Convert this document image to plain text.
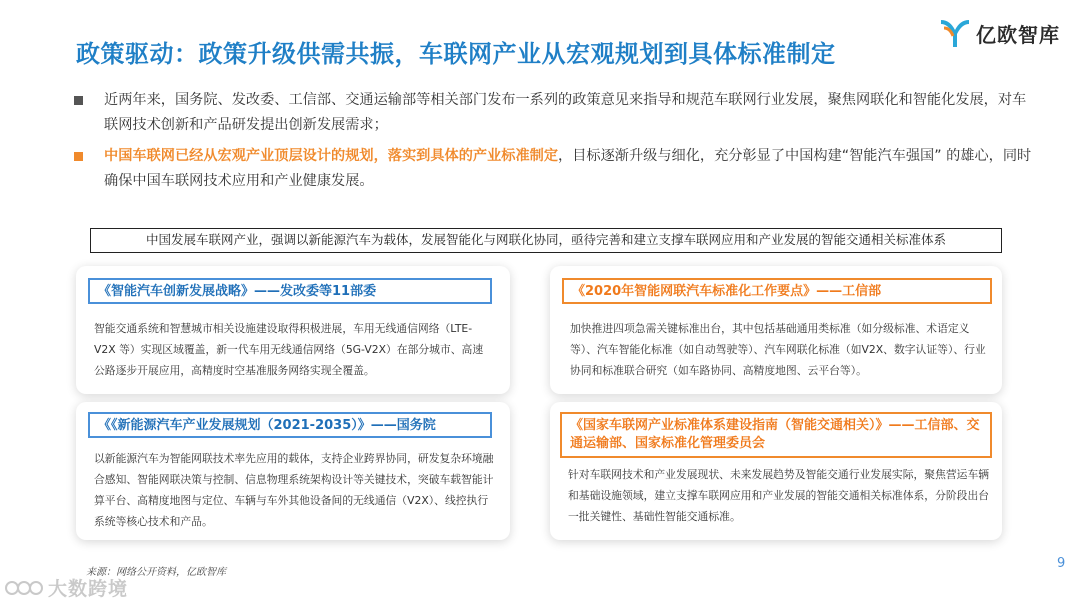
政策驱动：政策升级供需共振，车联网产业从宏观规划到具体标准制定
亿欧智库
近两年来，国务院、发改委、工信部、交通运输部等相关部门发布一系列的政策意见来指导和规范车联网行业发展，聚焦网联化和智能化发展，对车联网技术创新和产品研发提出创新发展需求；
中国车联网已经从宏观产业顶层设计的规划，落实到具体的产业标准制定，目标逐渐升级与细化，充分彰显了中国构建“智能汽车强国” 的雄心，同时确保中国车联网技术应用和产业健康发展。
中国发展车联网产业，强调以新能源汽车为载体，发展智能化与网联化协同，亟待完善和建立支撑车联网应用和产业发展的智能交通相关标准体系
《智能汽车创新发展战略》——发改委等11部委
智能交通系统和智慧城市相关设施建设取得积极进展，车用无线通信网络（LTE-V2X 等）实现区域覆盖，新一代车用无线通信网络（5G-V2X）在部分城市、高速公路逐步开展应用，高精度时空基准服务网络实现全覆盖。
《2020年智能网联汽车标准化工作要点》——工信部
加快推进四项急需关键标准出台，其中包括基础通用类标准（如分级标准、术语定义等）、汽车智能化标准（如自动驾驶等）、汽车网联化标准（如V2X、数字认证等）、行业协同和标准联合研究（如车路协同、高精度地图、云平台等）。
《《新能源汽车产业发展规划（2021-2035）》——国务院
以新能源汽车为智能网联技术率先应用的载体，支持企业跨界协同，研发复杂环境融合感知、智能网联决策与控制、信息物理系统架构设计等关键技术，突破车载智能计算平台、高精度地图与定位、车辆与车外其他设备间的无线通信（V2X）、线控执行系统等核心技术和产品。
《国家车联网产业标准体系建设指南（智能交通相关）》——工信部、交通运输部、国家标准化管理委员会
针对车联网技术和产业发展现状、未来发展趋势及智能交通行业发展实际，聚焦营运车辆和基础设施领域，建立支撑车联网应用和产业发展的智能交通相关标准体系，分阶段出台一批关键性、基础性智能交通标准。
来源：网络公开资料，亿欧智库
9
大数跨境
